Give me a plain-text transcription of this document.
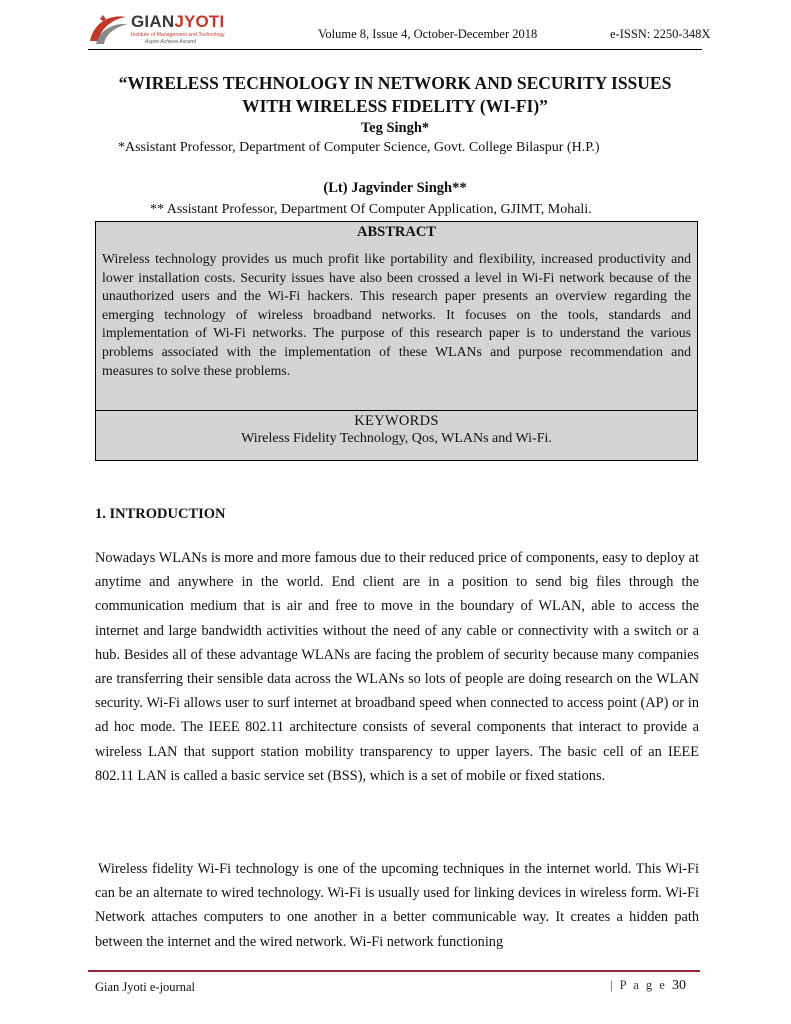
GIANJYOTI
Institute of Management and Technology
Aspire Achieve Ascend
Volume 8, Issue 4, October-December 2018	e-ISSN: 2250-348X
“WIRELESS TECHNOLOGY IN NETWORK AND SECURITY ISSUES
WITH WIRELESS FIDELITY (WI-FI)”
Teg Singh*
*Assistant Professor, Department of Computer Science, Govt. College Bilaspur (H.P.)
(Lt) Jagvinder Singh**
** Assistant Professor, Department Of Computer Application, GJIMT, Mohali.
ABSTRACT
Wireless technology provides us much profit like portability and flexibility, increased productivity and lower installation costs. Security issues have also been crossed a level in Wi-Fi network because of the unauthorized users and the Wi-Fi hackers. This research paper presents an overview regarding the emerging technology of wireless broadband networks. It focuses on the tools, standards and implementation of Wi-Fi networks. The purpose of this research paper is to understand the various problems associated with the implementation of these WLANs and purpose recommendation and measures to solve these problems.
KEYWORDS
Wireless Fidelity Technology, Qos, WLANs and Wi-Fi.
1. INTRODUCTION
Nowadays WLANs is more and more famous due to their reduced price of components, easy to deploy at anytime and anywhere in the world. End client are in a position to send big files through the communication medium that is air and free to move in the boundary of WLAN, able to access the internet and large bandwidth activities without the need of any cable or connectivity with a switch or a hub. Besides all of these advantage WLANs are facing the problem of security because many companies are transferring their sensible data across the WLANs so lots of people are doing research on the WLAN security. Wi-Fi allows user to surf internet at broadband speed when connected to access point (AP) or in ad hoc mode. The IEEE 802.11 architecture consists of several components that interact to provide a wireless LAN that support station mobility transparency to upper layers. The basic cell of an IEEE 802.11 LAN is called a basic service set (BSS), which is a set of mobile or fixed stations.
Wireless fidelity Wi-Fi technology is one of the upcoming techniques in the internet world. This Wi-Fi can be an alternate to wired technology. Wi-Fi is usually used for linking devices in wireless form. Wi-Fi Network attaches computers to one another in a better communicable way. It creates a hidden path between the internet and the wired network. Wi-Fi network functioning
Gian Jyoti e-journal	| P a g e 30
